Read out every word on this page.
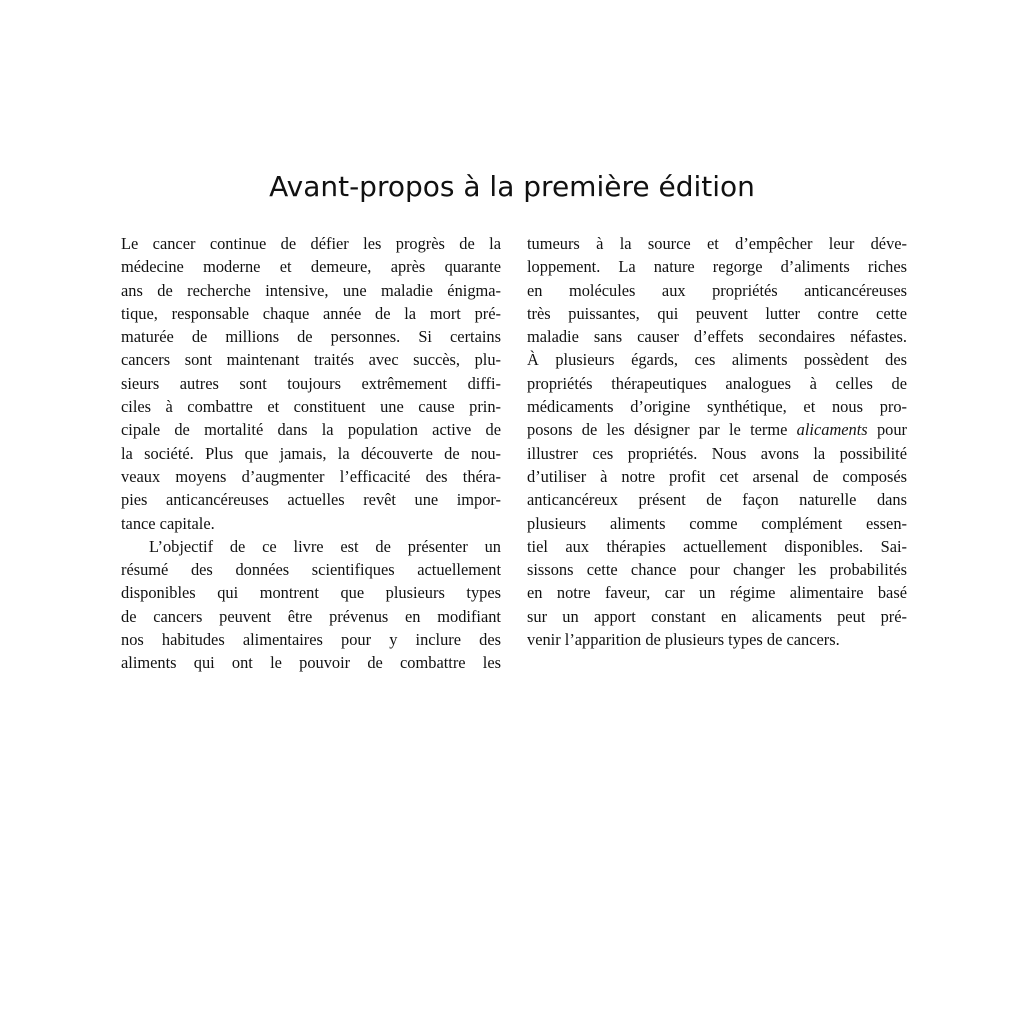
Avant-propos à la première édition
Le cancer continue de défier les progrès de la
médecine moderne et demeure, après quarante
ans de recherche intensive, une maladie énigma-
tique, responsable chaque année de la mort pré-
maturée de millions de personnes. Si certains
cancers sont maintenant traités avec succès, plu-
sieurs autres sont toujours extrêmement diffi-
ciles à combattre et constituent une cause prin-
cipale de mortalité dans la population active de
la société. Plus que jamais, la découverte de nou-
veaux moyens d’augmenter l’efficacité des théra-
pies anticancéreuses actuelles revêt une impor-
tance capitale.
L’objectif de ce livre est de présenter un
résumé des données scientifiques actuellement
disponibles qui montrent que plusieurs types
de cancers peuvent être prévenus en modifiant
nos habitudes alimentaires pour y inclure des
aliments qui ont le pouvoir de combattre les
tumeurs à la source et d’empêcher leur déve-
loppement. La nature regorge d’aliments riches
en molécules aux propriétés anticancéreuses
très puissantes, qui peuvent lutter contre cette
maladie sans causer d’effets secondaires néfastes.
À plusieurs égards, ces aliments possèdent des
propriétés thérapeutiques analogues à celles de
médicaments d’origine synthétique, et nous pro-
posons de les désigner par le terme alicaments pour
illustrer ces propriétés. Nous avons la possibilité
d’utiliser à notre profit cet arsenal de composés
anticancéreux présent de façon naturelle dans
plusieurs aliments comme complément essen-
tiel aux thérapies actuellement disponibles. Sai-
sissons cette chance pour changer les probabilités
en notre faveur, car un régime alimentaire basé
sur un apport constant en alicaments peut pré-
venir l’apparition de plusieurs types de cancers.
